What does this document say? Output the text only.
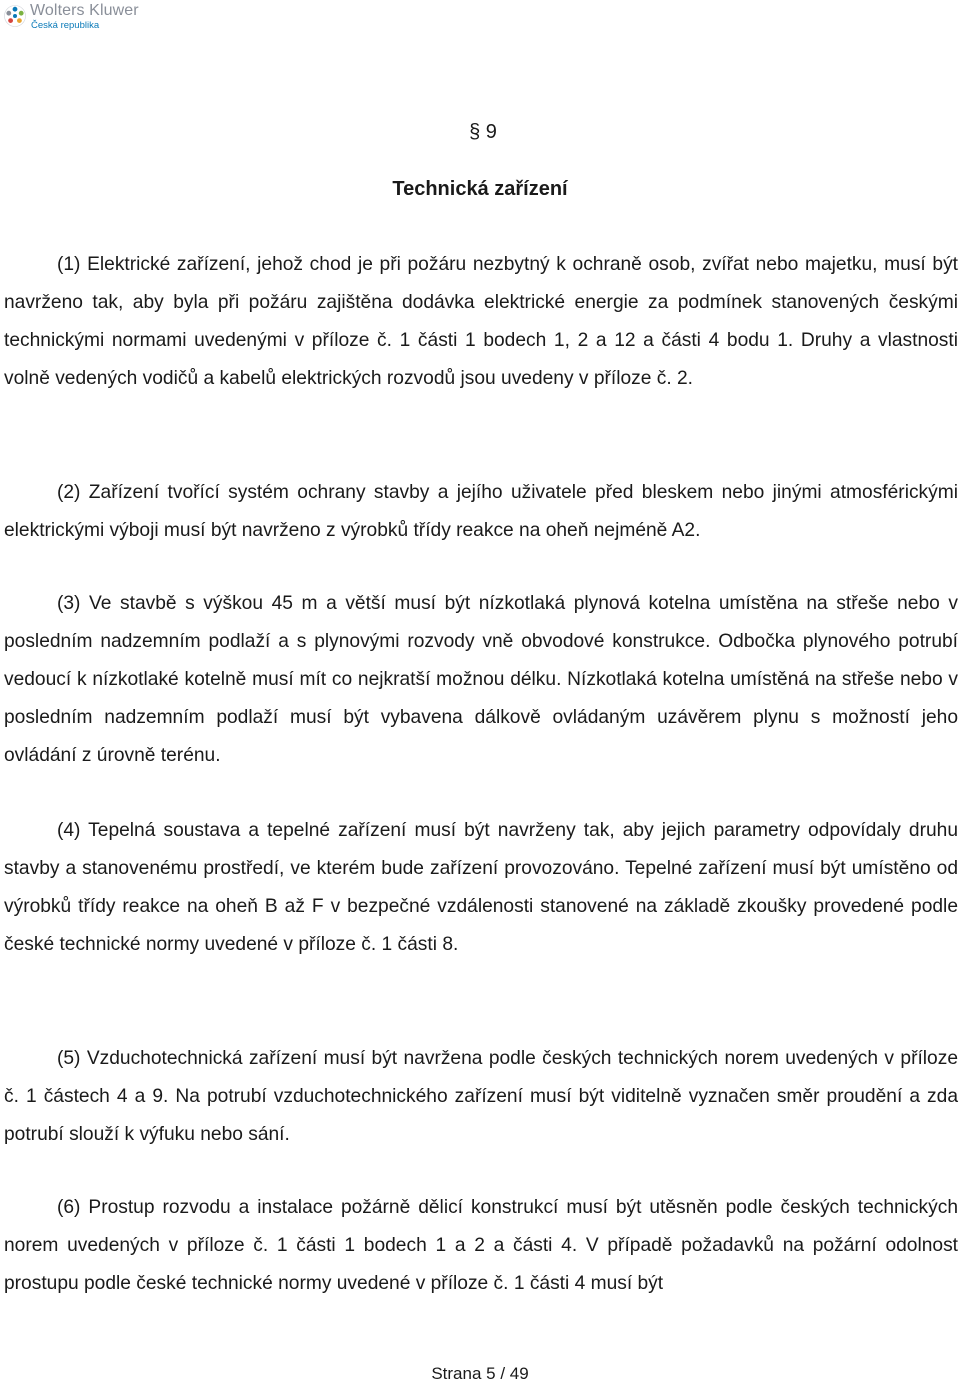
Wolters Kluwer
Česká republika
§ 9
Technická zařízení

(1) Elektrické zařízení, jehož chod je při požáru nezbytný k ochraně osob, zvířat nebo majetku, musí být navrženo tak, aby byla při požáru zajištěna dodávka elektrické energie za podmínek stanovených českými technickými normami uvedenými v příloze č. 1 části 1 bodech 1, 2 a 12 a části 4 bodu 1. Druhy a vlastnosti volně vedených vodičů a kabelů elektrických rozvodů jsou uvedeny v příloze č. 2.

(2) Zařízení tvořící systém ochrany stavby a jejího uživatele před bleskem nebo jinými atmosférickými elektrickými výboji musí být navrženo z výrobků třídy reakce na oheň nejméně A2.

(3) Ve stavbě s výškou 45 m a větší musí být nízkotlaká plynová kotelna umístěna na střeše nebo v posledním nadzemním podlaží a s plynovými rozvody vně obvodové konstrukce. Odbočka plynového potrubí vedoucí k nízkotlaké kotelně musí mít co nejkratší možnou délku. Nízkotlaká kotelna umístěná na střeše nebo v posledním nadzemním podlaží musí být vybavena dálkově ovládaným uzávěrem plynu s možností jeho ovládání z úrovně terénu.

(4) Tepelná soustava a tepelné zařízení musí být navrženy tak, aby jejich parametry odpovídaly druhu stavby a stanovenému prostředí, ve kterém bude zařízení provozováno. Tepelné zařízení musí být umístěno od výrobků třídy reakce na oheň B až F v bezpečné vzdálenosti stanovené na základě zkoušky provedené podle české technické normy uvedené v příloze č. 1 části 8.

(5) Vzduchotechnická zařízení musí být navržena podle českých technických norem uvedených v příloze č. 1 částech 4 a 9. Na potrubí vzduchotechnického zařízení musí být viditelně vyznačen směr proudění a zda potrubí slouží k výfuku nebo sání.

(6) Prostup rozvodu a instalace požárně dělicí konstrukcí musí být utěsněn podle českých technických norem uvedených v příloze č. 1 části 1 bodech 1 a 2 a části 4. V případě požadavků na požární odolnost prostupu podle české technické normy uvedené v příloze č. 1 části 4 musí být

Strana 5 / 49
